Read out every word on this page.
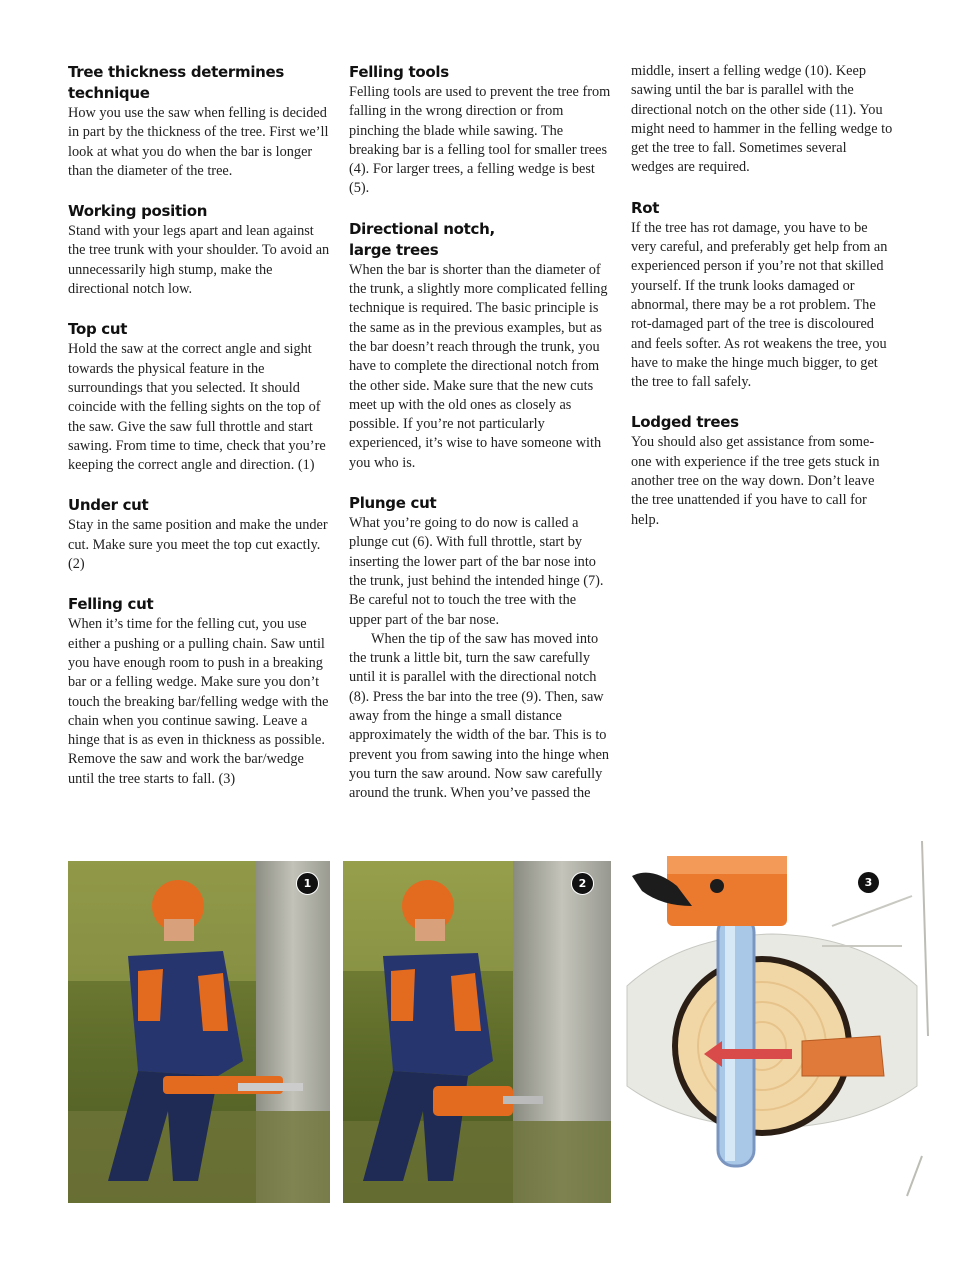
Tree thickness determines
technique

How you use the saw when felling is decided in part by the thickness of the tree. First we’ll look at what you do when the bar is longer than the diameter of the tree.

Working position

Stand with your legs apart and lean against the tree trunk with your shoulder. To avoid an unnecessarily high stump, make the directional notch low.

Top cut

Hold the saw at the correct angle and sight towards the physical feature in the surroundings that you selected. It should coincide with the felling sights on the top of the saw. Give the saw full throttle and start sawing. From time to time, check that you’re keeping the correct angle and direction. (1)

Under cut

Stay in the same position and make the under cut. Make sure you meet the top cut exactly. (2)

Felling cut

When it’s time for the felling cut, you use either a pushing or a pulling chain. Saw until you have enough room to push in a breaking bar or a felling wedge. Make sure you don’t touch the breaking bar/felling wedge with the chain when you continue sawing. Leave a hinge that is as even in thickness as possible. Remove the saw and work the bar/wedge until the tree starts to fall. (3)

Felling tools

Felling tools are used to prevent the tree from falling in the wrong direction or from pinching the blade while sawing. The breaking bar is a felling tool for smaller trees (4). For larger trees, a felling wedge is best (5).

Directional notch,
large trees

When the bar is shorter than the diameter of the trunk, a slightly more complicated felling technique is required. The basic principle is the same as in the previous examples, but as the bar doesn’t reach through the trunk, you have to complete the directional notch from the other side. Make sure that the new cuts meet up with the old ones as closely as possible. If you’re not particularly experienced, it’s wise to have someone with you who is.

Plunge cut

What you’re going to do now is called a plunge cut (6). With full throttle, start by inserting the lower part of the bar nose into the trunk, just behind the intended hinge (7). Be careful not to touch the tree with the upper part of the bar nose.

When the tip of the saw has moved into the trunk a little bit, turn the saw carefully until it is parallel with the directional notch (8). Press the bar into the tree (9). Then, saw away from the hinge a small distance approximately the width of the bar. This is to prevent you from sawing into the hinge when you turn the saw around. Now saw carefully around the trunk. When you’ve passed the

middle, insert a felling wedge (10). Keep sawing until the bar is parallel with the directional notch on the other side (11). You might need to hammer in the felling wedge to get the tree to fall. Sometimes several wedges are required.

Rot

If the tree has rot damage, you have to be very careful, and preferably get help from an experienced person if you’re not that skilled yourself. If the trunk looks damaged or abnormal, there may be a rot problem. The rot-damaged part of the tree is discoloured and feels softer. As rot weakens the tree, you have to make the hinge much bigger, to get the tree to fall safely.

Lodged trees

You should also get assistance from some-one with experience if the tree gets stuck in another tree on the way down. Don’t leave the tree unattended if you have to call for help.

1	2	3
